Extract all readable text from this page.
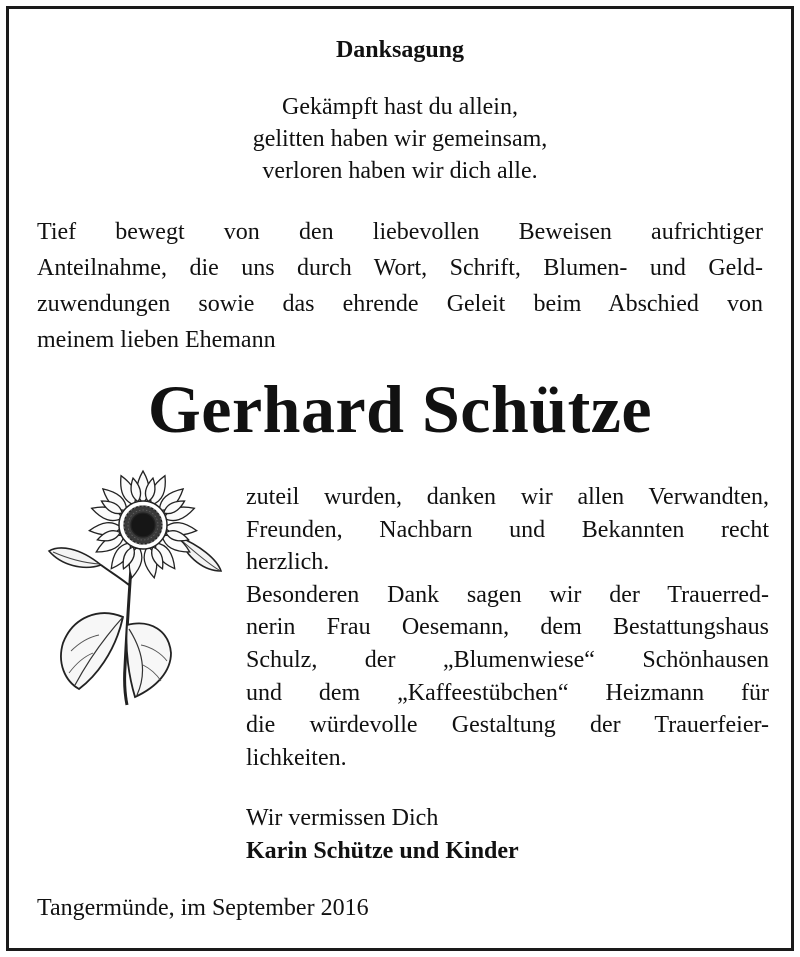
Danksagung
Gekämpft hast du allein,
gelitten haben wir gemeinsam,
verloren haben wir dich alle.
Tief bewegt von den liebevollen Beweisen aufrichtiger
Anteilnahme, die uns durch Wort, Schrift, Blumen- und Geld-
zuwendungen sowie das ehrende Geleit beim Abschied von
meinem lieben Ehemann
Gerhard Schütze
zuteil wurden, danken wir allen Verwandten,
Freunden, Nachbarn und Bekannten recht
herzlich.
Besonderen Dank sagen wir der Trauerred-
nerin Frau Oesemann, dem Bestattungshaus
Schulz, der „Blumenwiese“ Schönhausen
und dem „Kaffeestübchen“ Heizmann für
die würdevolle Gestaltung der Trauerfeier-
lichkeiten.
Wir vermissen Dich
Karin Schütze und Kinder
Tangermünde, im September 2016
